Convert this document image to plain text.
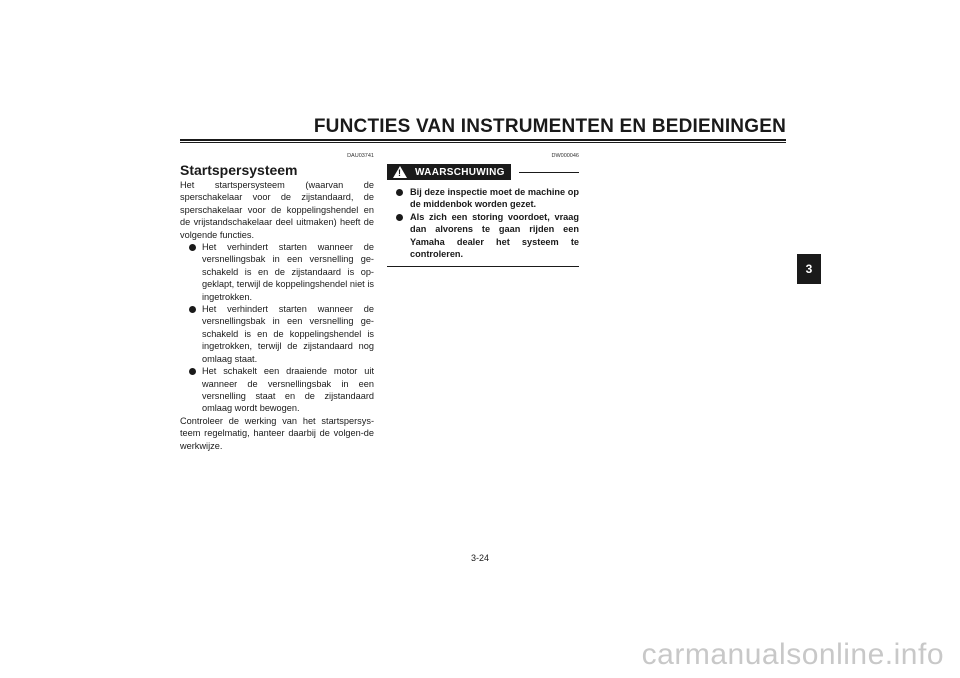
FUNCTIES VAN INSTRUMENTEN EN BEDIENINGEN
DAU03741
Startspersysteem

Het startspersysteem (waarvan de sperschakelaar voor de zijstandaard, de sperschakelaar voor de koppelingshendel en de vrijstandschakelaar deel uitmaken) heeft de volgende functies.

Het verhindert starten wanneer de versnellingsbak in een versnelling ge-schakeld is en de zijstandaard is op-geklapt, terwijl de koppelingshendel niet is ingetrokken.
Het verhindert starten wanneer de versnellingsbak in een versnelling ge-schakeld is en de koppelingshendel is ingetrokken, terwijl de zijstandaard nog omlaag staat.
Het schakelt een draaiende motor uit wanneer de versnellingsbak in een versnelling staat en de zijstandaard omlaag wordt bewogen.

Controleer de werking van het startspersys-teem regelmatig, hanteer daarbij de volgen-de werkwijze.

DW000046
! WAARSCHUWING
Bij deze inspectie moet de machine op de middenbok worden gezet.
Als zich een storing voordoet, vraag dan alvorens te gaan rijden een Yamaha dealer het systeem te controleren.
3
3-24
carmanualsonline.info
